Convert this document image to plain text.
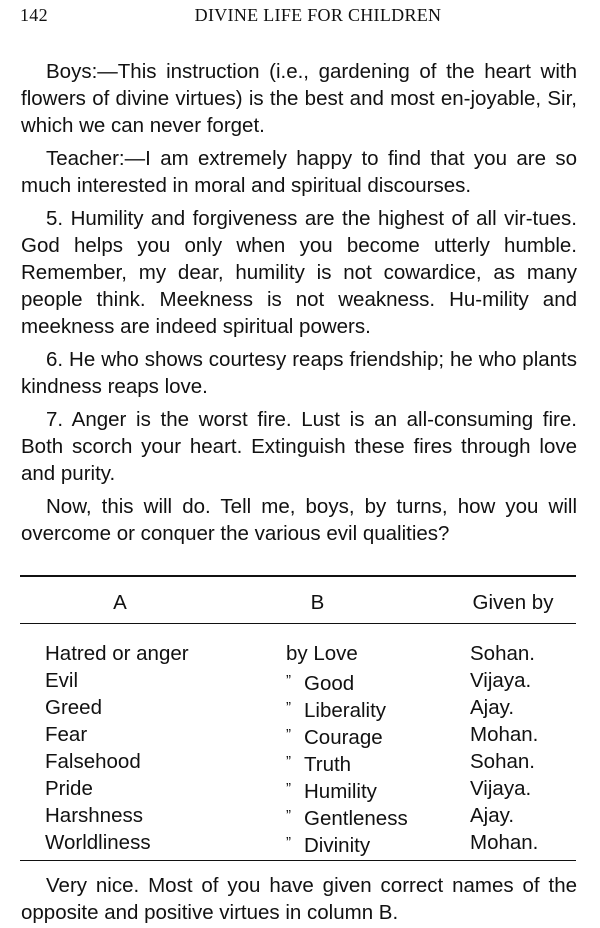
142	DIVINE LIFE FOR CHILDREN

Boys:—This instruction (i.e., gardening of the heart with flowers of divine virtues) is the best and most en-joyable, Sir, which we can never forget.

Teacher:—I am extremely happy to find that you are so much interested in moral and spiritual discourses.

5. Humility and forgiveness are the highest of all vir-tues. God helps you only when you become utterly humble. Remember, my dear, humility is not cowardice, as many people think. Meekness is not weakness. Hu-mility and meekness are indeed spiritual powers.

6. He who shows courtesy reaps friendship; he who plants kindness reaps love.

7. Anger is the worst fire. Lust is an all-consuming fire. Both scorch your heart. Extinguish these fires through love and purity.

Now, this will do. Tell me, boys, by turns, how you will overcome or conquer the various evil qualities?

A	B	Given by
Hatred or anger	by Love	Sohan.
Evil	” Good	Vijaya.
Greed	” Liberality	Ajay.
Fear	” Courage	Mohan.
Falsehood	” Truth	Sohan.
Pride	” Humility	Vijaya.
Harshness	” Gentleness	Ajay.
Worldliness	” Divinity	Mohan.

Very nice. Most of you have given correct names of the opposite and positive virtues in column B.
